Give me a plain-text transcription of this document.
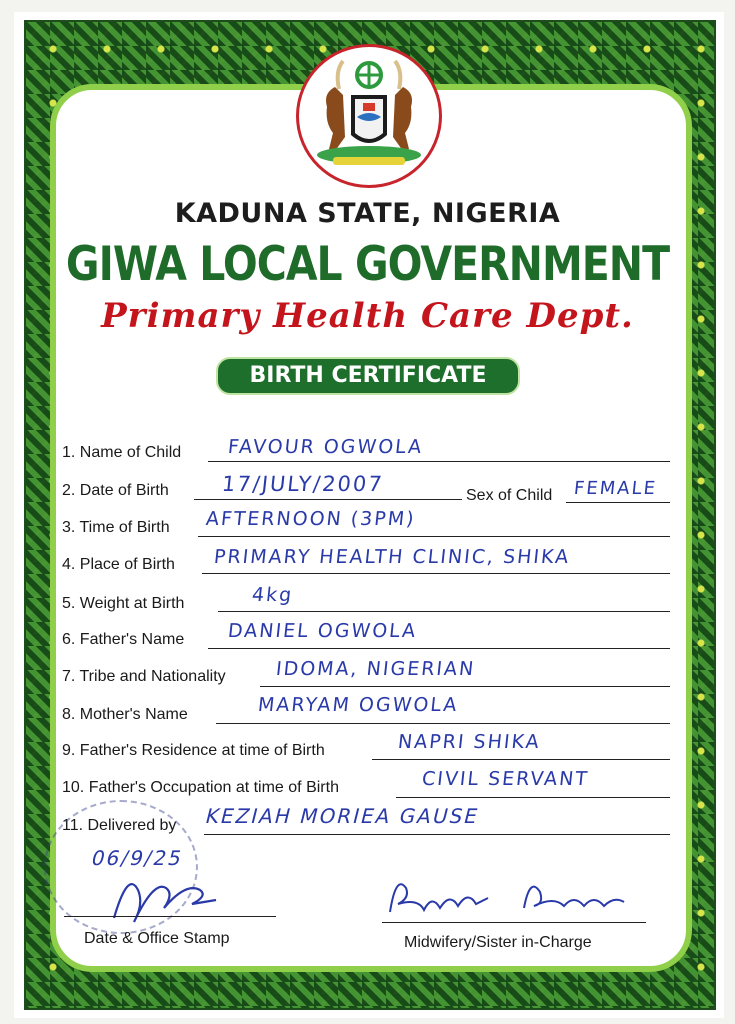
KADUNA STATE, NIGERIA
GIWA LOCAL GOVERNMENT
Primary Health Care Dept.
BIRTH CERTIFICATE
1. Name of Child FAVOUR OGWOLA
2. Date of Birth 17/JULY/2007	Sex of Child FEMALE
3. Time of Birth AFTERNOON (3PM)
4. Place of Birth PRIMARY HEALTH CLINIC, SHIKA
5. Weight at Birth	4kg
6. Father's Name DANIEL OGWOLA
7. Tribe and Nationality	IDOMA, NIGERIAN
8. Mother's Name	MARYAM OGWOLA
9. Father's Residence at time of Birth	NAPRI SHIKA
10. Father's Occupation at time of Birth	CIVIL SERVANT
11. Delivered by KEZIAH MORIEA GAUSE
06/9/25
Date & Office Stamp	Midwifery/Sister in-Charge
